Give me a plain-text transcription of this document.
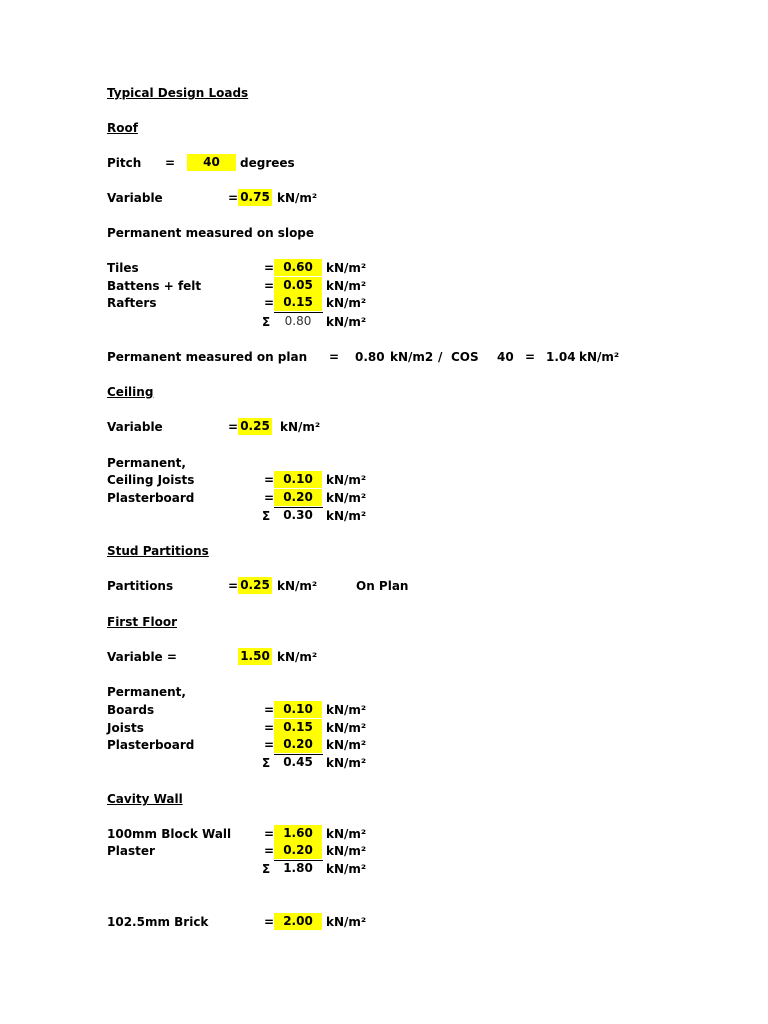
Typical Design Loads
Roof
Pitch =	40	degrees
Variable	= 0.75 kN/m²
Permanent measured on slope
Tiles	= 0.60	kN/m²
Battens + felt	= 0.05	kN/m²
Rafters	= 0.15	kN/m²
Σ	0.80	kN/m²
Permanent measured on plan = 0.80 kN/m2 / COS 40 = 1.04 kN/m²
Ceiling
Variable	= 0.25 kN/m²
Permanent,
Ceiling Joists	= 0.10	kN/m²
Plasterboard	= 0.20	kN/m²
Σ	0.30	kN/m²
Stud Partitions
Partitions	= 0.25 kN/m²	On Plan
First Floor
Variable =	1.50 kN/m²
Permanent,
Boards	= 0.10	kN/m²
Joists	= 0.15	kN/m²
Plasterboard	= 0.20	kN/m²
Σ	0.45	kN/m²
Cavity Wall
100mm Block Wall	= 1.60	kN/m²
Plaster	= 0.20	kN/m²
Σ	1.80	kN/m²
102.5mm Brick	= 2.00	kN/m²
